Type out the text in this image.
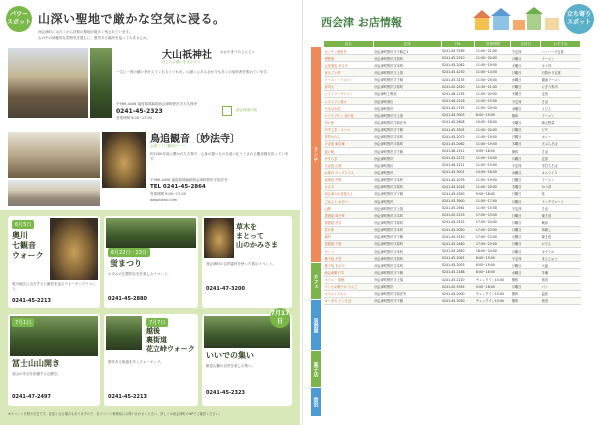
パワー
スポット 山深い聖地で厳かな空気に浸る。
西会津町には古くから信仰の聖地が数多く残されています。
山の中の神秘的な雰囲気を感じに、歴史ある場所を巡ってみませんか。
大山祇神社 おおやまづみじんじゃ
なじみに願いをきかせる
一生に一度の願いを叶えてくれるといわれ、山深くにある社が今も多くの参拝者を集めています。
〒969-4406 福島県耶麻郡西会津町野沢字大久保甲
0241-45-2323
営業時間 8:00~17:00
西会津道の駅
鳥追観音〔妙法寺〕
会津三十三観音の一つ
約1200年前に開かれた古刹で、心身の悪いものを追い払うとされる観音様を祀っています。
〒969-4406 福島県耶麻郡西会津町野沢字如法寺
TEL 0241-45-2864
営業時間 9:00~17:00
www.torioi.com
6月5日
奥川
七観音
ウォーク
奥川地区に点在する七観音を巡るウォーキングイベント。
0241-45-2213
6月22日・23日
蛍まつり
ホタルの幻想的な光を楽しむイベント。
0241-45-2880
草木を
まとって
山のかみさま
西会津町の自然素材を使った展示イベント。
0241-47-3200
7月1日
冨士山山開き
登山の安全を祈願する山開き。
0241-47-2497
7月7日
越後
裏街道
花立峠ウォーク
歴史ある街道を歩くウォーキング。
0241-45-2213
7月17日
いいでの集い
飯豊山麓の自然を楽しむ集い。
0241-45-2323
※イベント日程は予定です。変更となる場合もありますので、各イベント事務局にお問い合わせください。詳しくは西会津町のHPでご確認ください。
西会津 お店情報
立ち寄り
スポット
ランチ
カフェ
居酒屋
菓子店
宿泊
店名	住所	TEL	営業時間	定休日	おすすめ
キッチン遊里亭	西会津町野沢字下條乙1	0241-45-3769	11:00~21:00	不定休	ハンバーグ定食
秀野屋	西会津町野沢字原町	0241-45-2310	11:00~20:00	月曜日	ラーメン
お食事処 まるや	西会津町野沢字本町	0241-45-2082	11:00~19:00	火曜日	カツ丼
まるごと亭	西会津町野沢字上原	0241-45-4230	11:00~14:00	日曜日	日替わり定食
ラーメン・ドルマン	西会津町野沢字下條	0241-45-3135	11:00~20:00	水曜日	醤油ラーメン
寿司大	西会津町野沢字原町	0241-45-2520	11:30~21:00	月曜日	にぎり寿司
レストランサイゴン	西会津町上野尻	0241-48-1135	11:00~20:00	火曜日	定食
レストラン楽々	西会津町奥川	0241-46-2218	11:00~15:00	不定休	そば
やまなか荘	西会津町野沢	0241-45-2755	11:00~20:00	水曜日	うどん
ドライブイン 北の花	西会津町野沢字上原	0241-45-3003	8:00~19:00	無休	ラーメン
旬の里	西会津町野沢字如法寺	0241-45-2808	10:00~18:00	火曜日	地元野菜
やすらぎ・ユーべ	西会津町野沢字下條	0241-45-3505	11:00~20:00	月曜日	ピザ
食堂かれん	西会津町野沢字本町	0241-45-2073	11:00~19:00	日曜日	カレー
そば処 東京庵	西会津町野沢字原町	0241-45-2062	11:00~19:00	木曜日	天ぷらそば
道の駅	西会津町野沢字下條	0241-48-1512	9:00~18:00	無休	そば
やすらぎ	西会津町野沢	0241-45-2272	11:00~14:00	月曜日	定食
そば処 山林	西会津町奥川	0241-46-2211	11:00~15:00	不定休	手打ちそば
お茶の マップライス	西会津町野沢	0241-45-3001	10:00~18:00	水曜日	オムライス
食事処 中野	西会津町野沢字本町	0241-45-2076	11:00~19:00	日曜日	ラーメン
ささき	西会津町野沢字原町	0241-45-2018	11:00~20:00	木曜日	かつ丼
西会津のお花屋さん	西会津町野沢字下條	0241-45-2590	9:00~18:00	日曜日	花
ごはんと おやつ	西会津町野沢	0241-45-3900	11:00~17:00	月曜日	ランチプレート
山路	西会津町野沢字上原	0241-45-2561	11:00~15:00	不定休	そば
居酒屋 味乃家	西会津町野沢字本町	0241-45-2133	17:00~23:00	日曜日	焼き鳥
居酒屋 宮吉	西会津町野沢字原町	0241-45-2515	17:00~24:00	月曜日	刺身
吾が家	西会津町野沢字本町	0241-45-3050	17:00~23:00	日曜日	馬刺し
鶏村	西会津町野沢字下條	0241-45-3150	17:00~23:00	火曜日	焼き鳥
居酒屋 千鳥	西会津町野沢字原町	0241-45-2460	17:00~23:00	日曜日	おでん
ヤンマ	西会津町野沢字本町	0241-45-2650	18:00~24:00	月曜日	カクテル
菓子処 大竹	西会津町野沢字原町	0241-45-2045	8:00~19:00	不定休	まんじゅう
菓子処 まるや	西会津町野沢字本町	0241-45-2003	8:00~19:00	日曜日	大福
西会津菓子司	西会津町野沢字下條	0241-45-2188	8:00~18:00	水曜日	羊羹
ホテル・ 旅館	西会津町野沢字上原	0241-45-2220	チェックイン15:00	無休	宿泊
パンとお菓子の りんご	西会津町野沢	0241-45-3355	9:00~18:00	月曜日	パン
ホテルとりおい	西会津町野沢字如法寺	0241-45-2000	チェックイン15:00	無休	温泉
ロータス インそば	西会津町野沢字下條	0241-45-3030	チェックイン15:00	無休	宿泊
